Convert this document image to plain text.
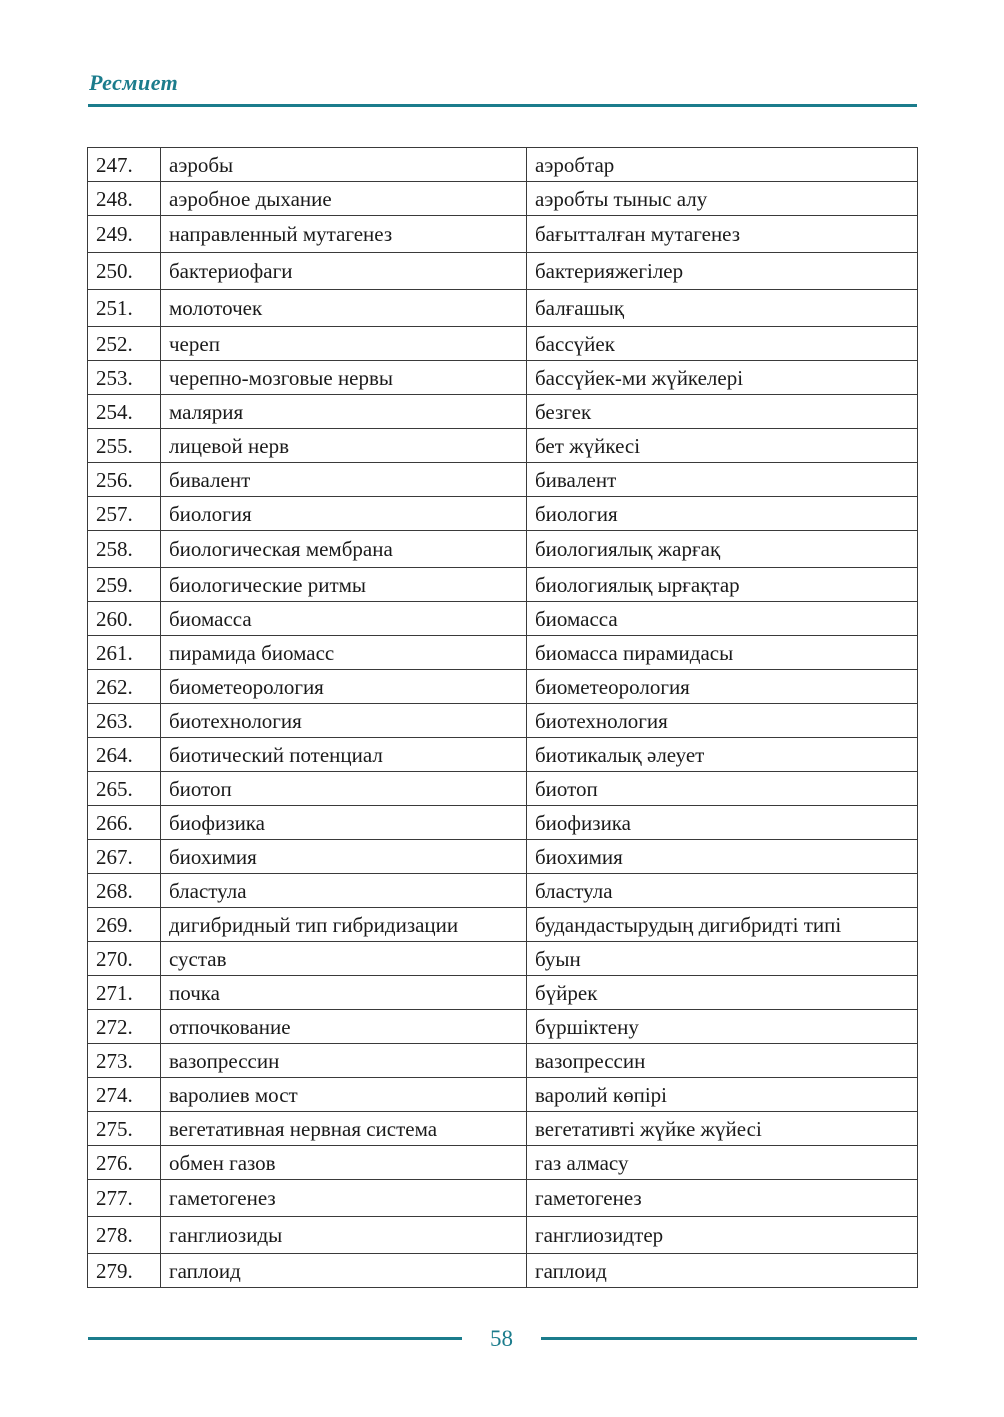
Ресмиет
247.	аэробы	аэробтар
248.	аэробное дыхание	аэробты тыныс алу
249.	направленный мутагенез	бағытталған мутагенез
250.	бактериофаги	бактерияжегілер
251.	молоточек	балғашық
252.	череп	бассүйек
253.	черепно-мозговые нервы	бассүйек-ми жүйкелері
254.	малярия	безгек
255.	лицевой нерв	бет жүйкесі
256.	бивалент	бивалент
257.	биология	биология
258.	биологическая мембрана	биологиялық жарғақ
259.	биологические ритмы	биологиялық ырғақтар
260.	биомасса	биомасса
261.	пирамида биомасс	биомасса пирамидасы
262.	биометеорология	биометеорология
263.	биотехнология	биотехнология
264.	биотический потенциал	биотикалық әлеует
265.	биотоп	биотоп
266.	биофизика	биофизика
267.	биохимия	биохимия
268.	бластула	бластула
269.	дигибридный тип гибридизации	будандастырудың дигибридті типі
270.	сустав	буын
271.	почка	бүйрек
272.	отпочкование	бүршіктену
273.	вазопрессин	вазопрессин
274.	варолиев мост	варолий көпірі
275.	вегетативная нервная система	вегетативті жүйке жүйесі
276.	обмен газов	газ алмасу
277.	гаметогенез	гаметогенез
278.	ганглиозиды	ганглиозидтер
279.	гаплоид	гаплоид
58
